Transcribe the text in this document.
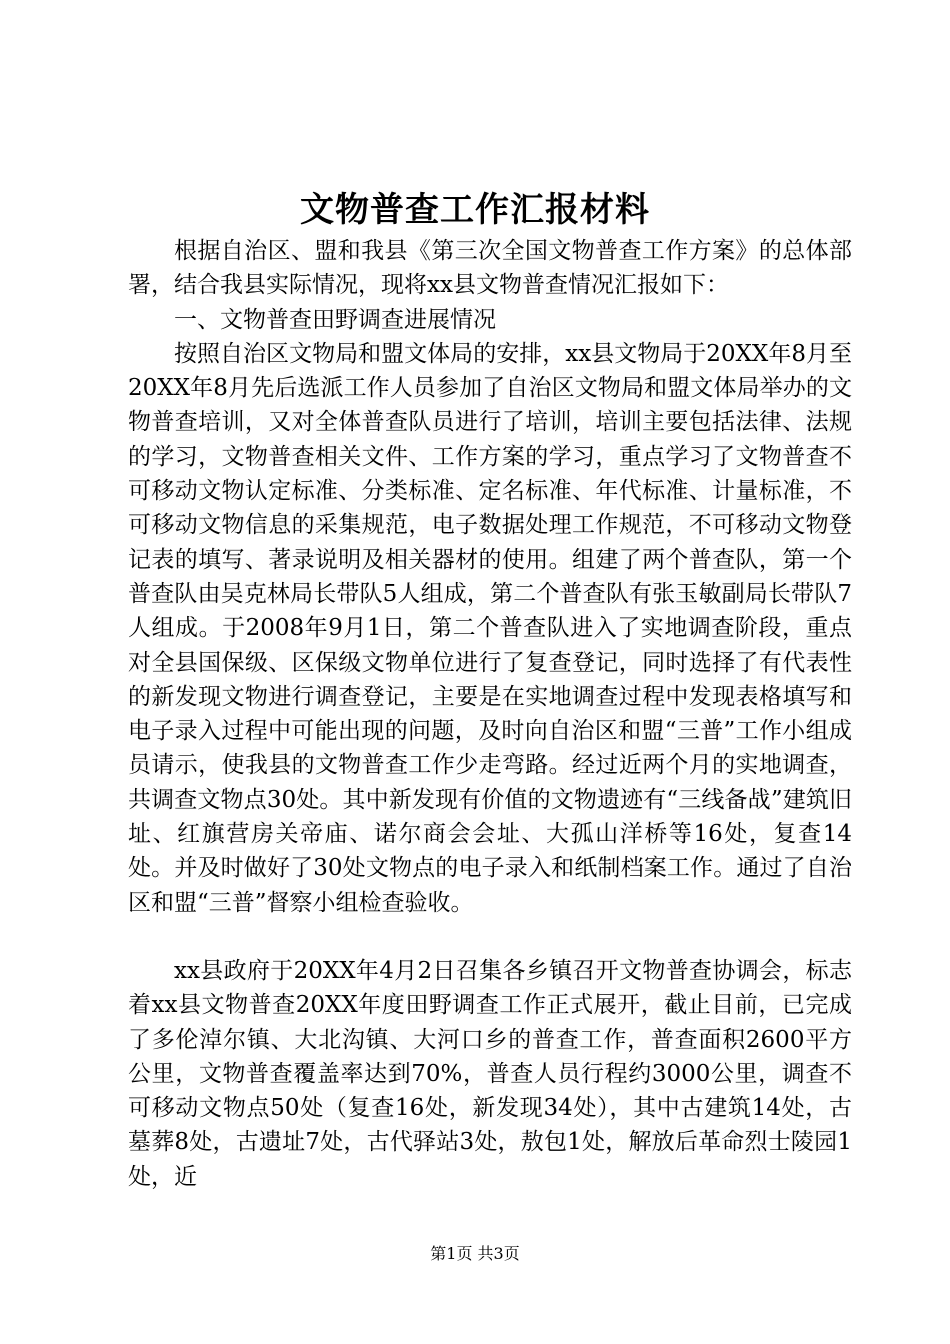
文物普查工作汇报材料

根据自治区、盟和我县《第三次全国文物普查工作方案》的总体部署，结合我县实际情况，现将xx县文物普查情况汇报如下：

一、文物普查田野调查进展情况

按照自治区文物局和盟文体局的安排，xx县文物局于20XX年8月至20XX年8月先后选派工作人员参加了自治区文物局和盟文体局举办的文物普查培训，又对全体普查队员进行了培训，培训主要包括法律、法规的学习，文物普查相关文件、工作方案的学习，重点学习了文物普查不可移动文物认定标准、分类标准、定名标准、年代标准、计量标准，不可移动文物信息的采集规范，电子数据处理工作规范，不可移动文物登记表的填写、著录说明及相关器材的使用。组建了两个普查队，第一个普查队由吴克林局长带队5人组成，第二个普查队有张玉敏副局长带队7人组成。于2008年9月1日，第二个普查队进入了实地调查阶段，重点对全县国保级、区保级文物单位进行了复查登记，同时选择了有代表性的新发现文物进行调查登记，主要是在实地调查过程中发现表格填写和电子录入过程中可能出现的问题，及时向自治区和盟“三普”工作小组成员请示，使我县的文物普查工作少走弯路。经过近两个月的实地调查，共调查文物点30处。其中新发现有价值的文物遗迹有“三线备战”建筑旧址、红旗营房关帝庙、诺尔商会会址、大孤山洋桥等16处，复查14处。并及时做好了30处文物点的电子录入和纸制档案工作。通过了自治区和盟“三普”督察小组检查验收。

xx县政府于20XX年4月2日召集各乡镇召开文物普查协调会，标志着xx县文物普查20XX年度田野调查工作正式展开，截止目前，已完成了多伦淖尔镇、大北沟镇、大河口乡的普查工作，普查面积2600平方公里，文物普查覆盖率达到70%，普查人员行程约3000公里，调查不可移动文物点50处（复查16处，新发现34处），其中古建筑14处，古墓葬8处，古遗址7处，古代驿站3处，敖包1处，解放后革命烈士陵园1处，近

第1页 共3页
